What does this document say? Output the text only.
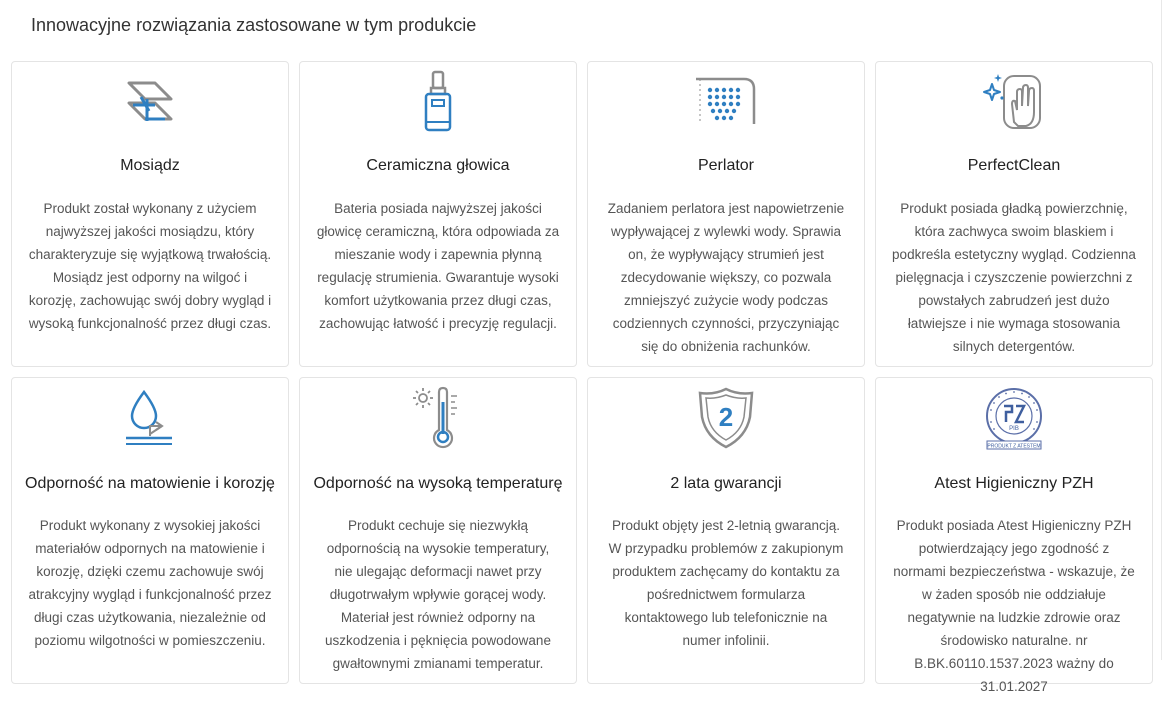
Innowacyjne rozwiązania zastosowane w tym produkcie
Mosiądz
Produkt został wykonany z użyciem najwyższej jakości mosiądzu, który charakteryzuje się wyjątkową trwałością. Mosiądz jest odporny na wilgoć i korozję, zachowując swój dobry wygląd i wysoką funkcjonalność przez długi czas.
Ceramiczna głowica
Bateria posiada najwyższej jakości głowicę ceramiczną, która odpowiada za mieszanie wody i zapewnia płynną regulację strumienia. Gwarantuje wysoki komfort użytkowania przez długi czas, zachowując łatwość i precyzję regulacji.
Perlator
Zadaniem perlatora jest napowietrzenie wypływającej z wylewki wody. Sprawia on, że wypływający strumień jest zdecydowanie większy, co pozwala zmniejszyć zużycie wody podczas codziennych czynności, przyczyniając się do obniżenia rachunków.
PerfectClean
Produkt posiada gładką powierzchnię, która zachwyca swoim blaskiem i podkreśla estetyczny wygląd. Codzienna pielęgnacja i czyszczenie powierzchni z powstałych zabrudzeń jest dużo łatwiejsze i nie wymaga stosowania silnych detergentów.
Odporność na matowienie i korozję
Produkt wykonany z wysokiej jakości materiałów odpornych na matowienie i korozję, dzięki czemu zachowuje swój atrakcyjny wygląd i funkcjonalność przez długi czas użytkowania, niezależnie od poziomu wilgotności w pomieszczeniu.
Odporność na wysoką temperaturę
Produkt cechuje się niezwykłą odpornością na wysokie temperatury, nie ulegając deformacji nawet przy długotrwałym wpływie gorącej wody. Materiał jest również odporny na uszkodzenia i pęknięcia powodowane gwałtownymi zmianami temperatur.
2
2 lata gwarancji
Produkt objęty jest 2-letnią gwarancją. W przypadku problemów z zakupionym produktem zachęcamy do kontaktu za pośrednictwem formularza kontaktowego lub telefonicznie na numer infolinii.
PIB
PRODUKT Z ATESTEM
Atest Higieniczny PZH
Produkt posiada Atest Higieniczny PZH potwierdzający jego zgodność z normami bezpieczeństwa - wskazuje, że w żaden sposób nie oddziałuje negatywnie na ludzkie zdrowie oraz środowisko naturalne. nr B.BK.60110.1537.2023 ważny do 31.01.2027
